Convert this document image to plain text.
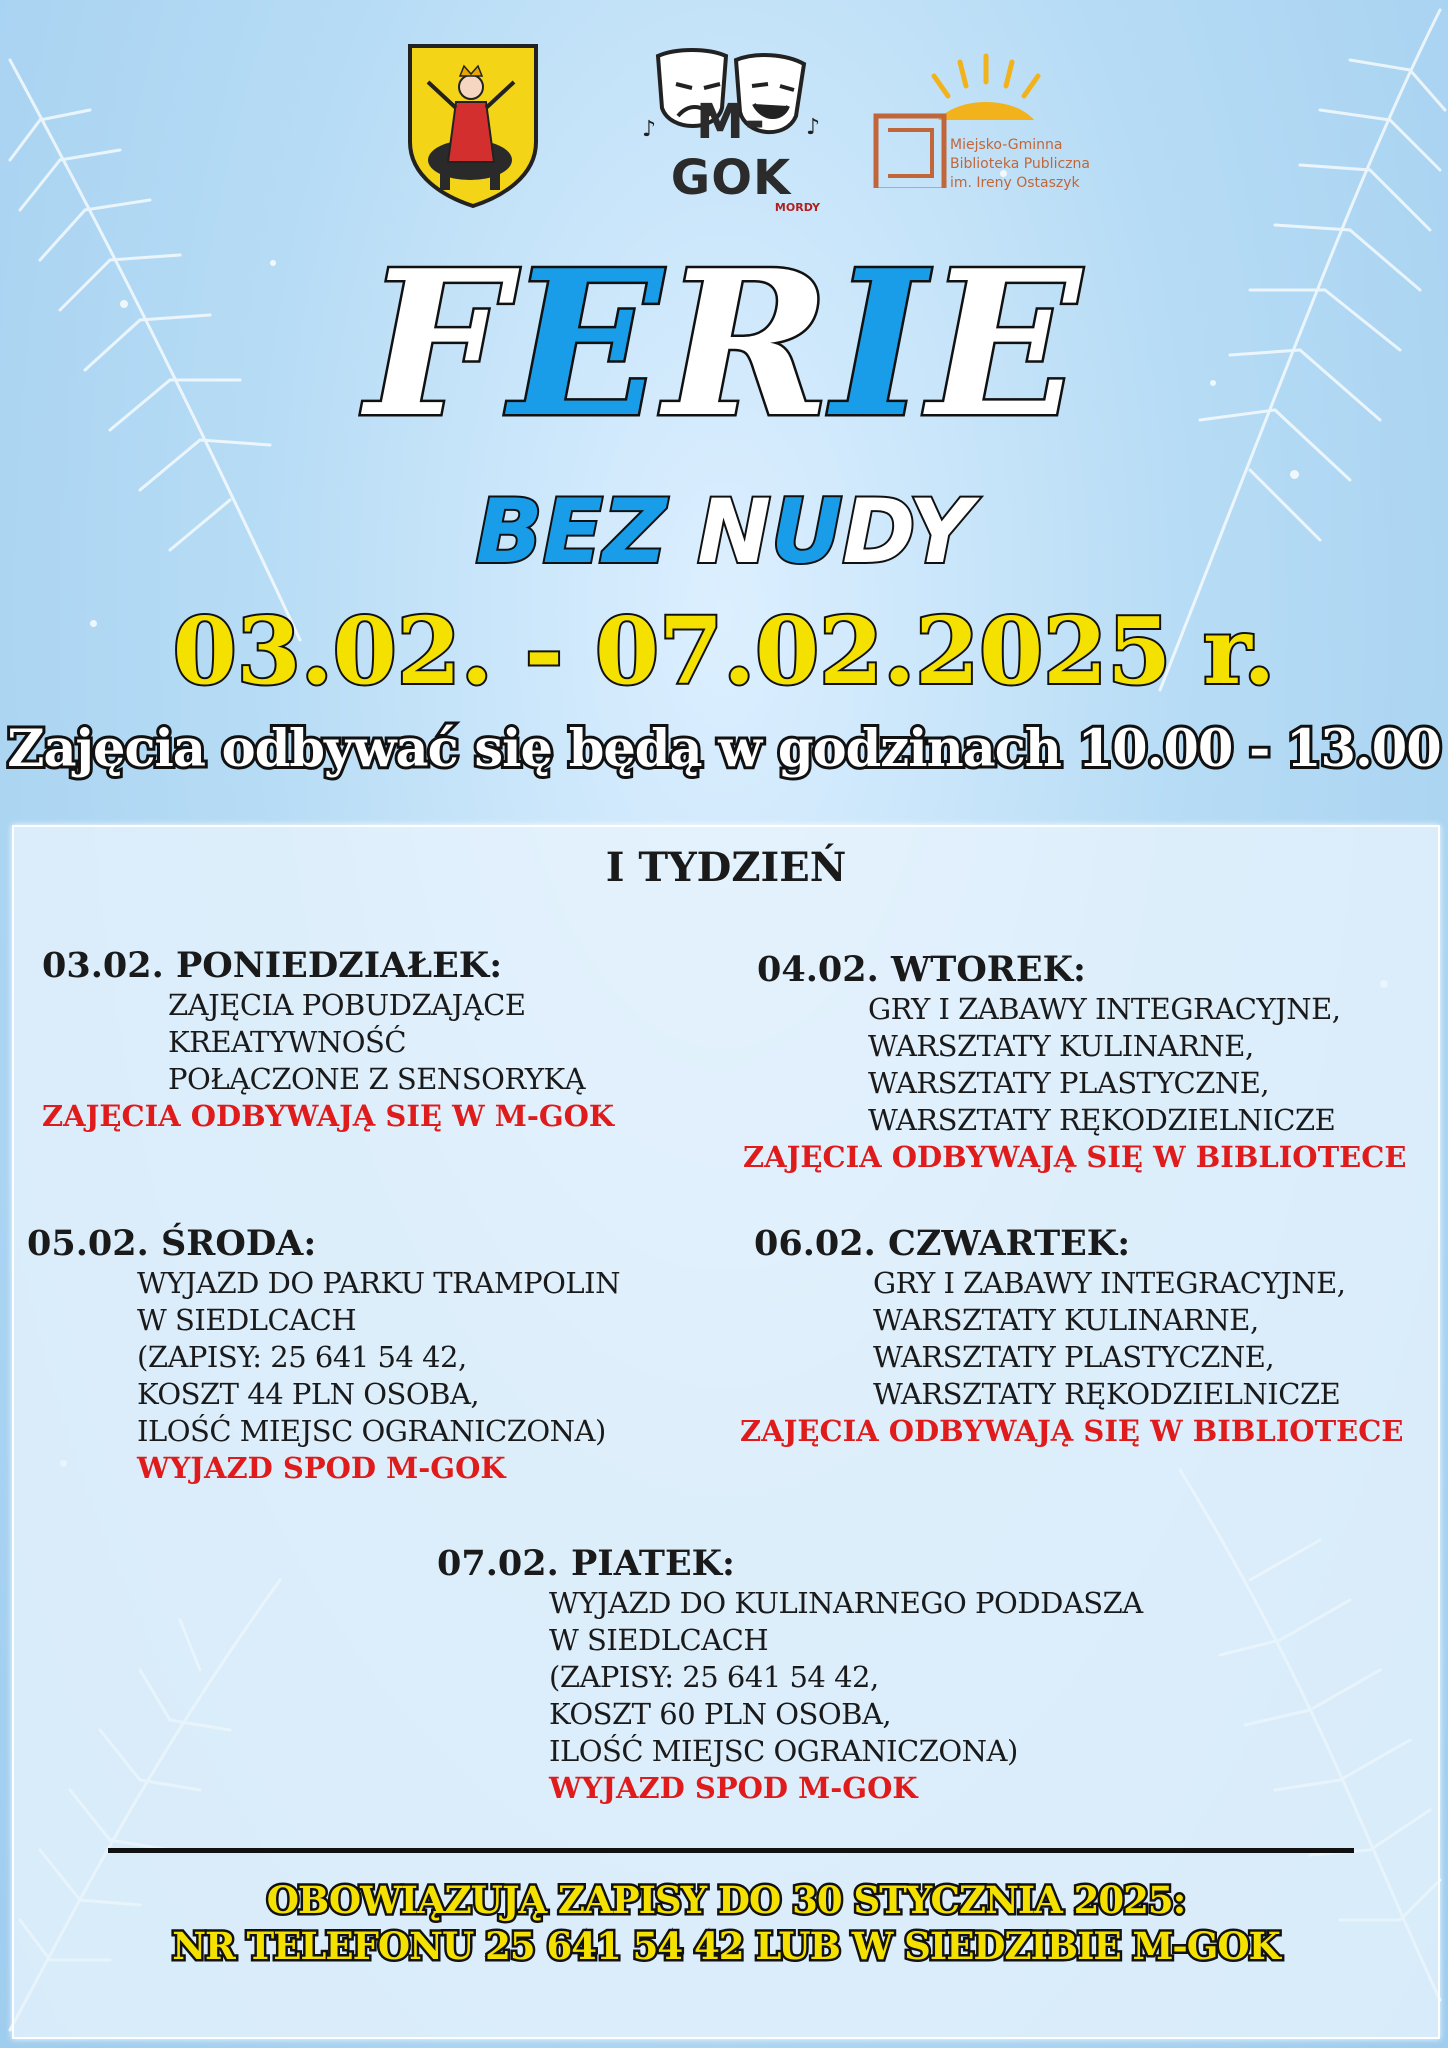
♪	♪
M-GOK
MORDY
Miejsko-Gminna
Biblioteka Publiczna
im. Ireny Ostaszyk
FERIE
BEZ NUDY
03.02. - 07.02.2025 r.
Zajęcia odbywać się będą w godzinach 10.00 - 13.00
I TYDZIEŃ
03.02. PONIEDZIAŁEK:
ZAJĘCIA POBUDZAJĄCE
KREATYWNOŚĆ
POŁĄCZONE Z SENSORYKĄ
ZAJĘCIA ODBYWAJĄ SIĘ W M-GOK
04.02. WTOREK:
GRY I ZABAWY INTEGRACYJNE,
WARSZTATY KULINARNE,
WARSZTATY PLASTYCZNE,
WARSZTATY RĘKODZIELNICZE
ZAJĘCIA ODBYWAJĄ SIĘ W BIBLIOTECE
05.02. ŚRODA:
WYJAZD DO PARKU TRAMPOLIN
W SIEDLCACH
(ZAPISY: 25 641 54 42,
KOSZT 44 PLN OSOBA,
ILOŚĆ MIEJSC OGRANICZONA)
WYJAZD SPOD M-GOK
06.02. CZWARTEK:
GRY I ZABAWY INTEGRACYJNE,
WARSZTATY KULINARNE,
WARSZTATY PLASTYCZNE,
WARSZTATY RĘKODZIELNICZE
ZAJĘCIA ODBYWAJĄ SIĘ W BIBLIOTECE
07.02. PIATEK:
WYJAZD DO KULINARNEGO PODDASZA
W SIEDLCACH
(ZAPISY: 25 641 54 42,
KOSZT 60 PLN OSOBA,
ILOŚĆ MIEJSC OGRANICZONA)
WYJAZD SPOD M-GOK
OBOWIĄZUJĄ ZAPISY DO 30 STYCZNIA 2025:
NR TELEFONU 25 641 54 42 LUB W SIEDZIBIE M-GOK
